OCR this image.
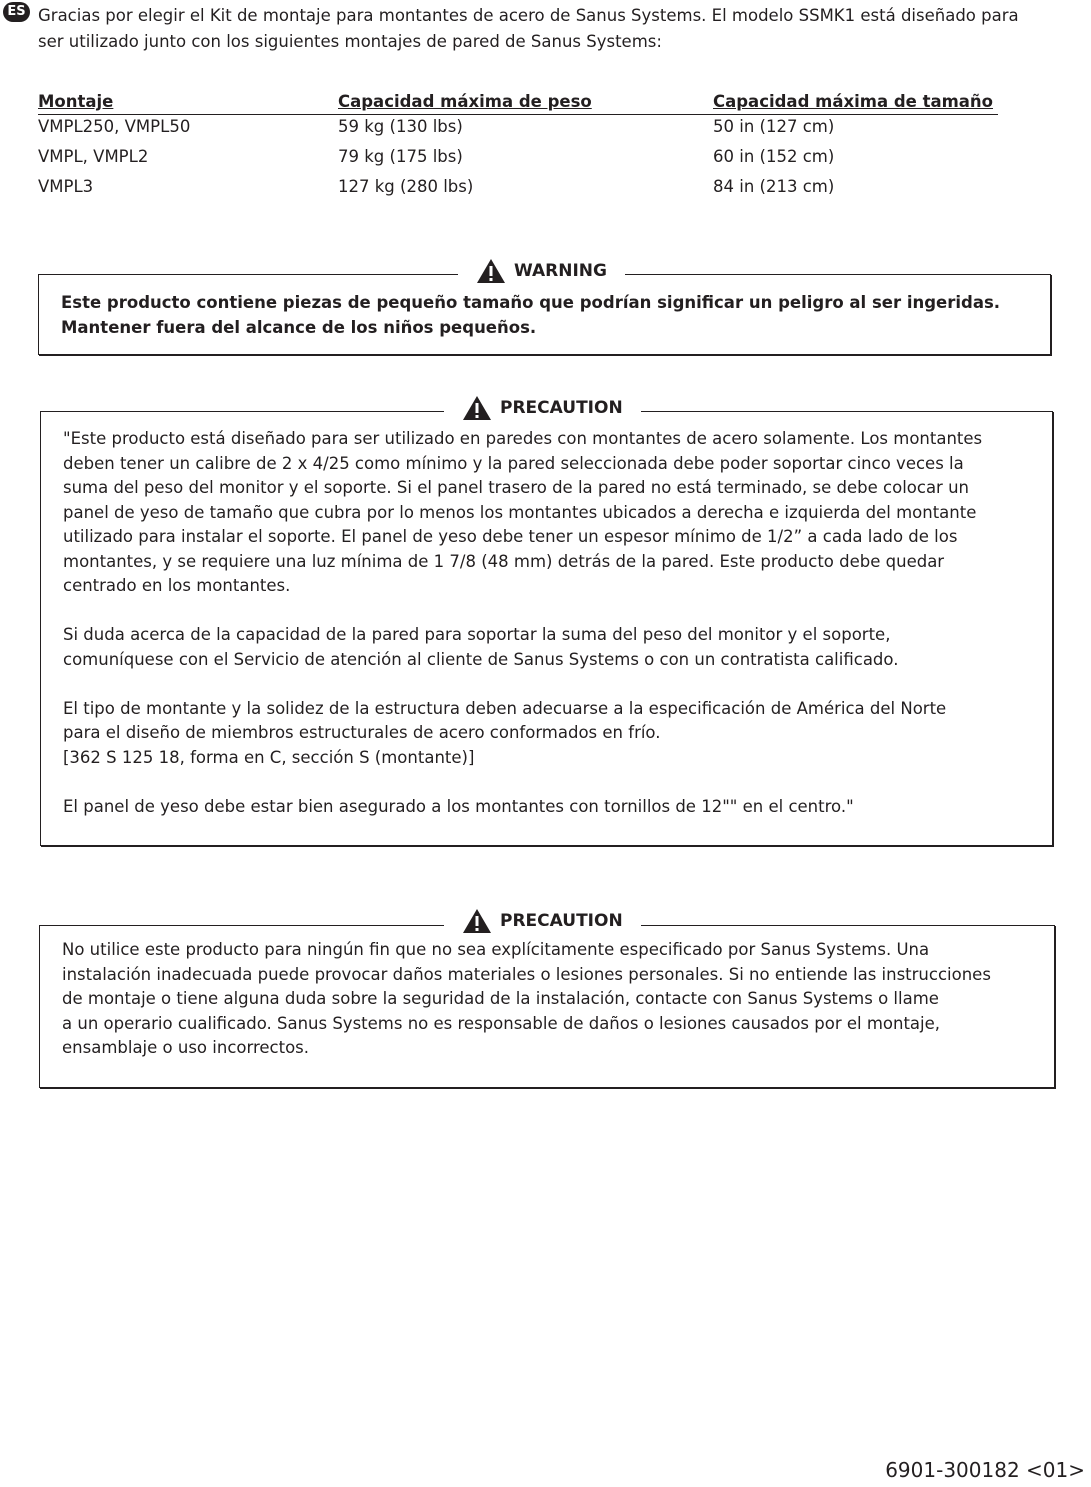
ES Gracias por elegir el Kit de montaje para montantes de acero de Sanus Systems. El modelo SSMK1 está diseñado para
ser utilizado junto con los siguientes montajes de pared de Sanus Systems:
Montaje	Capacidad máxima de peso	Capacidad máxima de tamaño
VMPL250, VMPL50	59 kg (130 lbs)	50 in (127 cm)
VMPL, VMPL2	79 kg (175 lbs)	60 in (152 cm)
VMPL3	127 kg (280 lbs)	84 in (213 cm)
Este producto contiene piezas de pequeño tamaño que podrían significar un peligro al ser ingeridas.
Mantener fuera del alcance de los niños pequeños.
WARNING
"Este producto está diseñado para ser utilizado en paredes con montantes de acero solamente. Los montantes
deben tener un calibre de 2 x 4/25 como mínimo y la pared seleccionada debe poder soportar cinco veces la
suma del peso del monitor y el soporte. Si el panel trasero de la pared no está terminado, se debe colocar un
panel de yeso de tamaño que cubra por lo menos los montantes ubicados a derecha e izquierda del montante
utilizado para instalar el soporte. El panel de yeso debe tener un espesor mínimo de 1/2” a cada lado de los
montantes, y se requiere una luz mínima de 1 7/8 (48 mm) detrás de la pared. Este producto debe quedar
centrado en los montantes.
Si duda acerca de la capacidad de la pared para soportar la suma del peso del monitor y el soporte,
comuníquese con el Servicio de atención al cliente de Sanus Systems o con un contratista calificado.
El tipo de montante y la solidez de la estructura deben adecuarse a la especificación de América del Norte
para el diseño de miembros estructurales de acero conformados en frío.
[362 S 125 18, forma en C, sección S (montante)]
El panel de yeso debe estar bien asegurado a los montantes con tornillos de 12"" en el centro."
PRECAUTION
No utilice este producto para ningún fin que no sea explícitamente especificado por Sanus Systems. Una
instalación inadecuada puede provocar daños materiales o lesiones personales. Si no entiende las instrucciones
de montaje o tiene alguna duda sobre la seguridad de la instalación, contacte con Sanus Systems o llame
a un operario cualificado. Sanus Systems no es responsable de daños o lesiones causados por el montaje,
ensamblaje o uso incorrectos.
PRECAUTION
6901-300182 <01>
